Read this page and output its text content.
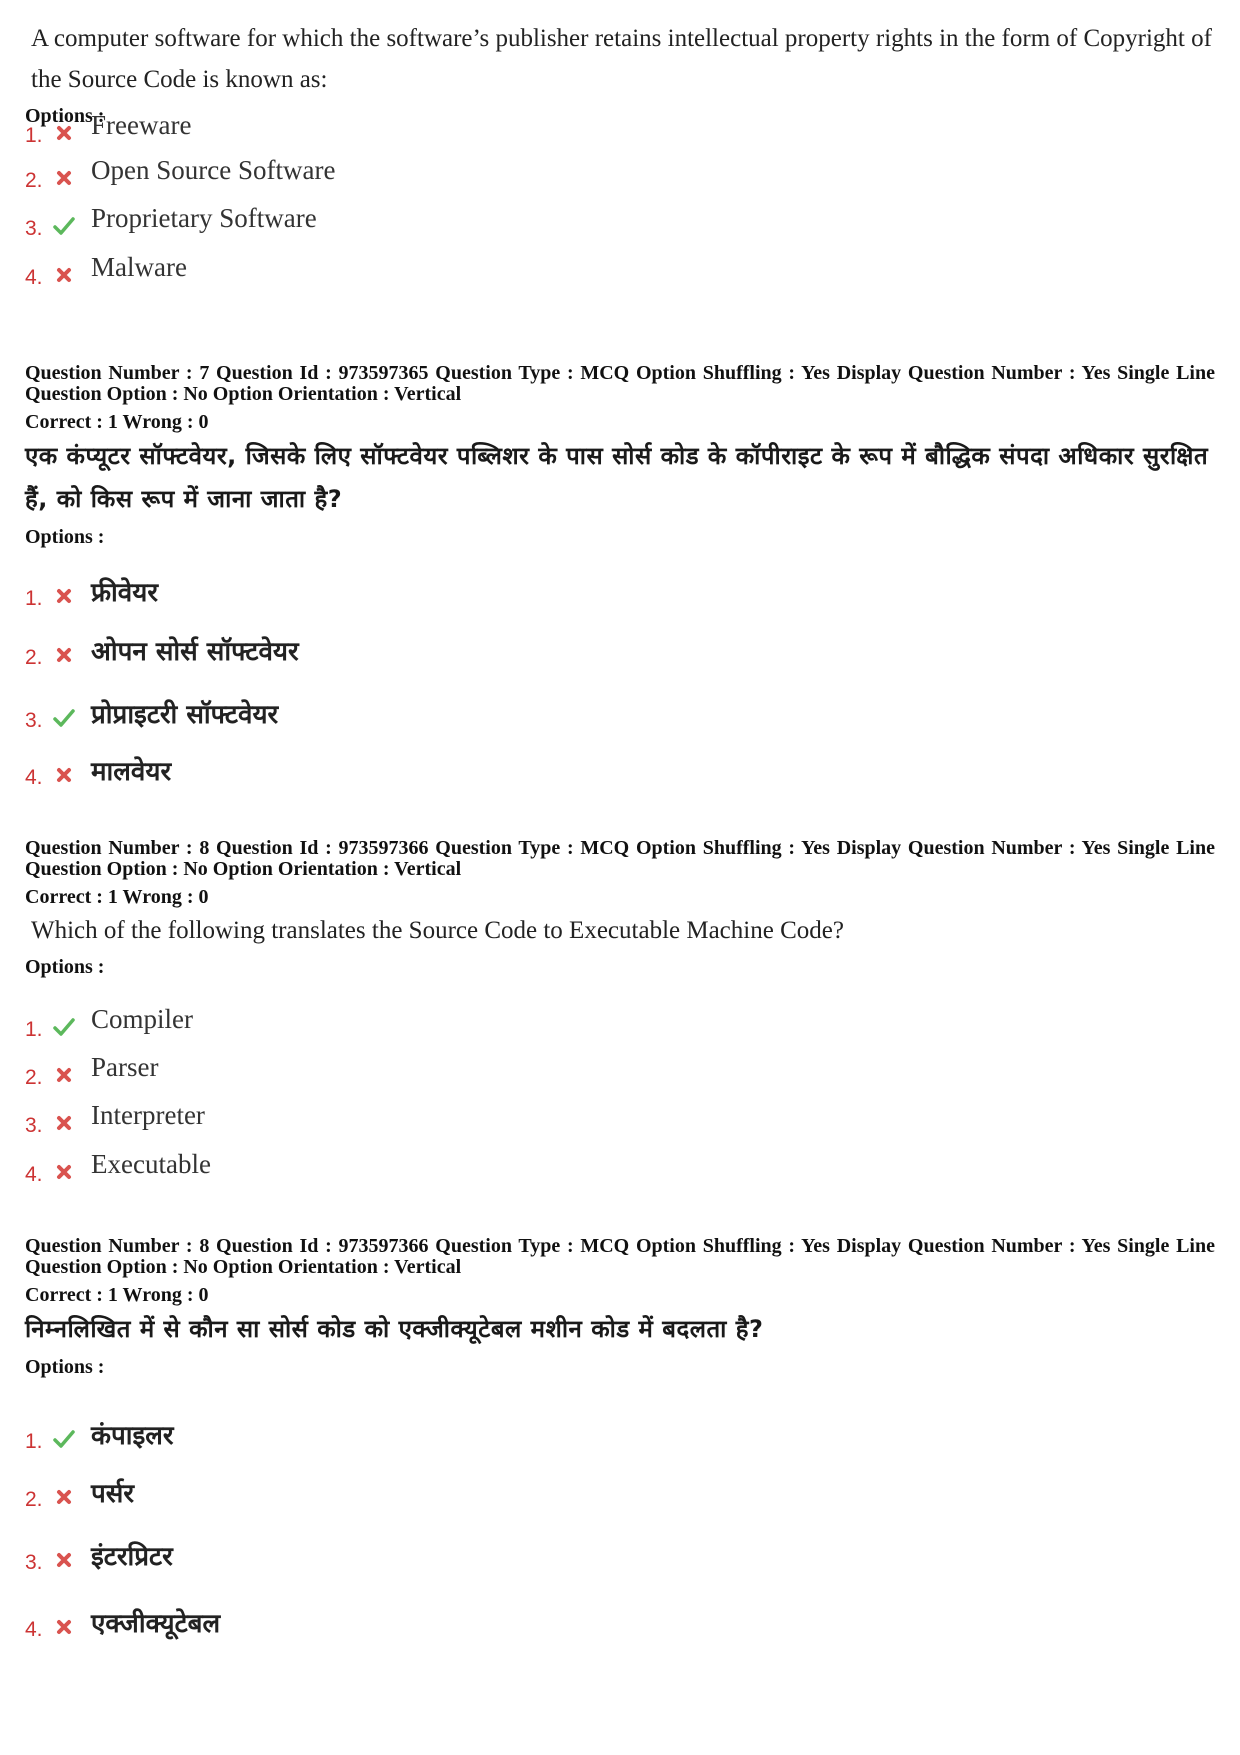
A computer software for which the software’s publisher retains intellectual property rights in the form of Copyright of the Source Code is known as:
Options :
1. Freeware
2. Open Source Software
3. Proprietary Software
4. Malware
Question Number : 7 Question Id : 973597365 Question Type : MCQ Option Shuffling : Yes Display Question Number : Yes Single Line Question Option : No Option Orientation : Vertical
Correct : 1 Wrong : 0
एक कंप्यूटर सॉफ्टवेयर, जिसके लिए सॉफ्टवेयर पब्लिशर के पास सोर्स कोड के कॉपीराइट के रूप में बौद्धिक संपदा अधिकार सुरक्षित हैं, को किस रूप में जाना जाता है?
Options :
1. फ्रीवेयर
2. ओपन सोर्स सॉफ्टवेयर
3. प्रोप्राइटरी सॉफ्टवेयर
4. मालवेयर
Question Number : 8 Question Id : 973597366 Question Type : MCQ Option Shuffling : Yes Display Question Number : Yes Single Line Question Option : No Option Orientation : Vertical
Correct : 1 Wrong : 0
Which of the following translates the Source Code to Executable Machine Code?
Options :
1. Compiler
2. Parser
3. Interpreter
4. Executable
Question Number : 8 Question Id : 973597366 Question Type : MCQ Option Shuffling : Yes Display Question Number : Yes Single Line Question Option : No Option Orientation : Vertical
Correct : 1 Wrong : 0
निम्नलिखित में से कौन सा सोर्स कोड को एक्जीक्यूटेबल मशीन कोड में बदलता है?
Options :
1. कंपाइलर
2. पर्सर
3. इंटरप्रिटर
4. एक्जीक्यूटेबल
